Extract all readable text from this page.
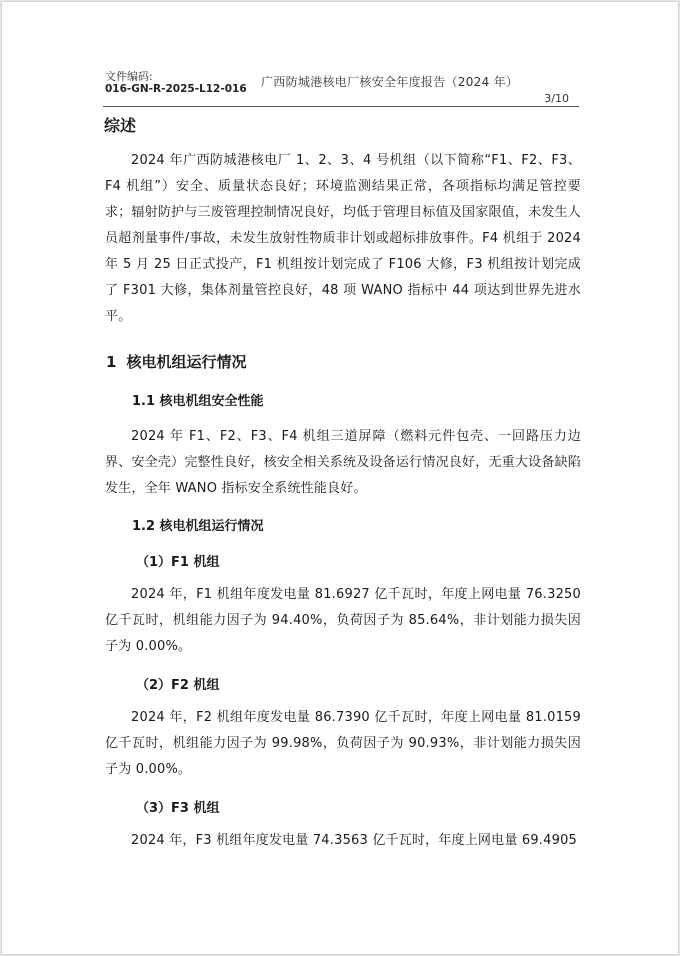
文件编码:
016-GN-R-2025-L12-016 广西防城港核电厂核安全年度报告（2024 年）
3/10
综述

2024 年广西防城港核电厂 1、2、3、4 号机组（以下简称“F1、F2、F3、F4 机组”）安全、质量状态良好；环境监测结果正常，各项指标均满足管控要求；辐射防护与三废管理控制情况良好，均低于管理目标值及国家限值，未发生人员超剂量事件/事故，未发生放射性物质非计划或超标排放事件。F4 机组于 2024 年 5 月 25 日正式投产，F1 机组按计划完成了 F106 大修，F3 机组按计划完成了 F301 大修，集体剂量管控良好，48 项 WANO 指标中 44 项达到世界先进水平。

1 核电机组运行情况
1.1 核电机组安全性能

2024 年 F1、F2、F3、F4 机组三道屏障（燃料元件包壳、一回路压力边界、安全壳）完整性良好，核安全相关系统及设备运行情况良好，无重大设备缺陷发生，全年 WANO 指标安全系统性能良好。

1.2 核电机组运行情况
（1）F1 机组

2024 年，F1 机组年度发电量 81.6927 亿千瓦时，年度上网电量 76.3250 亿千瓦时，机组能力因子为 94.40%，负荷因子为 85.64%，非计划能力损失因子为 0.00%。

（2）F2 机组

2024 年，F2 机组年度发电量 86.7390 亿千瓦时，年度上网电量 81.0159 亿千瓦时，机组能力因子为 99.98%，负荷因子为 90.93%，非计划能力损失因子为 0.00%。

（3）F3 机组

2024 年，F3 机组年度发电量 74.3563 亿千瓦时，年度上网电量 69.4905
